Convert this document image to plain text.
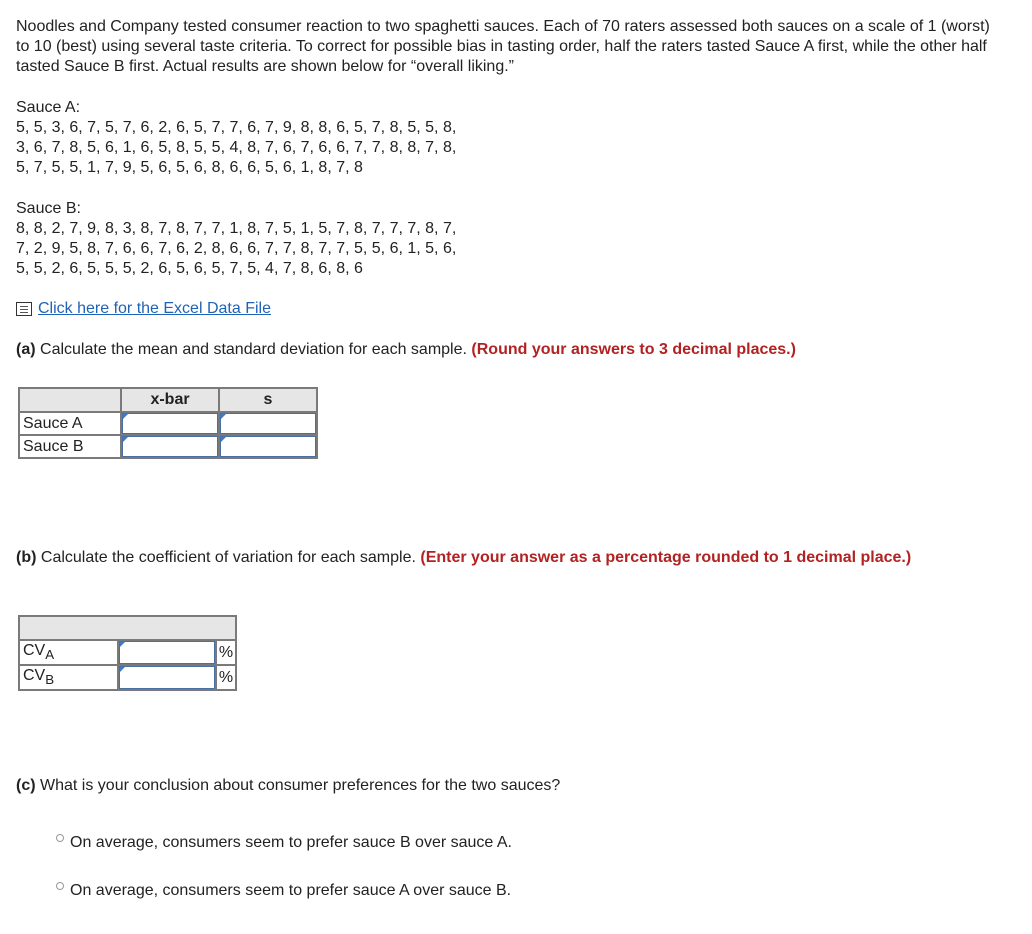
Noodles and Company tested consumer reaction to two spaghetti sauces. Each of 70 raters assessed both sauces on a scale of 1 (worst) to 10 (best) using several taste criteria. To correct for possible bias in tasting order, half the raters tasted Sauce A first, while the other half tasted Sauce B first. Actual results are shown below for “overall liking.”

Sauce A:
5, 5, 3, 6, 7, 5, 7, 6, 2, 6, 5, 7, 7, 6, 7, 9, 8, 8, 6, 5, 7, 8, 5, 5, 8,
3, 6, 7, 8, 5, 6, 1, 6, 5, 8, 5, 5, 4, 8, 7, 6, 7, 6, 6, 7, 7, 8, 8, 7, 8,
5, 7, 5, 5, 1, 7, 9, 5, 6, 5, 6, 8, 6, 6, 5, 6, 1, 8, 7, 8
Sauce B:
8, 8, 2, 7, 9, 8, 3, 8, 7, 8, 7, 7, 1, 8, 7, 5, 1, 5, 7, 8, 7, 7, 7, 8, 7,
7, 2, 9, 5, 8, 7, 6, 6, 7, 6, 2, 8, 6, 6, 7, 7, 8, 7, 7, 5, 5, 6, 1, 5, 6,
5, 5, 2, 6, 5, 5, 5, 2, 6, 5, 6, 5, 7, 5, 4, 7, 8, 6, 8, 6
Click here for the Excel Data File
(a) Calculate the mean and standard deviation for each sample. (Round your answers to 3 decimal places.)
	x-bar	s
Sauce A	

Sauce B	

(b) Calculate the coefficient of variation for each sample. (Enter your answer as a percentage rounded to 1 decimal place.)

$CV_A$		%
$CV_B$		%
(c) What is your conclusion about consumer preferences for the two sauces?
On average, consumers seem to prefer sauce B over sauce A.
On average, consumers seem to prefer sauce A over sauce B.
